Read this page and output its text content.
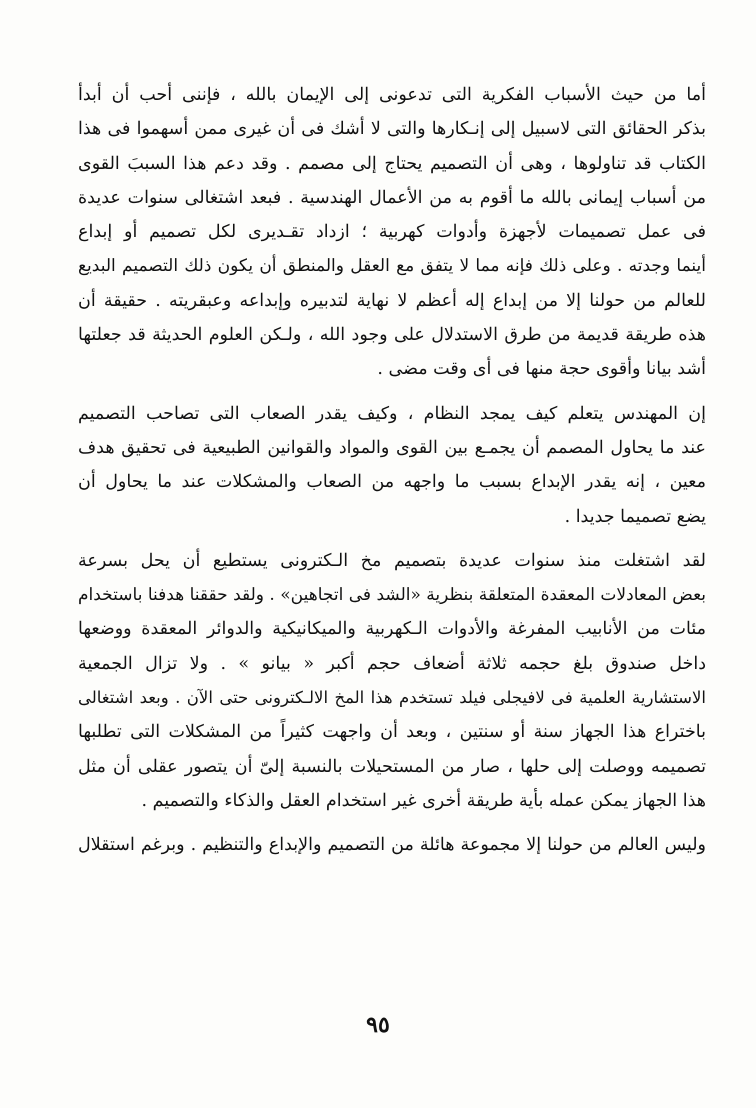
أما من حيث الأسباب الفكرية التى تدعونى إلى الإيمان بالله ، فإننى أحب أن أبدأ
بذكر الحقائق التى لاسبيل إلى إنـكارها والتى لا أشك فى أن غيرى ممن أسهموا فى هذا
الكتاب قد تناولوها ، وهى أن التصميم يحتاج إلى مصمم . وقد دعم هذا السببَ القوى
من أسباب إيمانى بالله ما أقوم به من الأعمال الهندسية . فبعد اشتغالى سنوات عديدة
فى عمل تصميمات لأجهزة وأدوات كهربية ؛ ازداد تقـديرى لكل تصميم أو إبداع
أينما وجدته . وعلى ذلك فإنه مما لا يتفق مع العقل والمنطق أن يكون ذلك التصميم البديع
للعالم من حولنا إلا من إبداع إله أعظم لا نهاية لتدبيره وإبداعه وعبقريته . حقيقة أن
هذه طريقة قديمة من طرق الاستدلال على وجود الله ، ولـكن العلوم الحديثة قد جعلتها
أشد بيانا وأقوى حجة منها فى أى وقت مضى .
إن المهندس يتعلم كيف يمجد النظام ، وكيف يقدر الصعاب التى تصاحب التصميم
عند ما يحاول المصمم أن يجمـع بين القوى والمواد والقوانين الطبيعية فى تحقيق هدف
معين ، إنه يقدر الإبداع بسبب ما واجهه من الصعاب والمشكلات عند ما يحاول أن
يضع تصميما جديدا .
لقد اشتغلت منذ سنوات عديدة بتصميم مخ الـكترونى يستطيع أن يحل بسرعة
بعض المعادلات المعقدة المتعلقة بنظرية «الشد فى اتجاهين» . ولقد حققنا هدفنا باستخدام
مئات من الأنابيب المفرغة والأدوات الـكهربية والميكانيكية والدوائر المعقدة ووضعها
داخل صندوق بلغ حجمه ثلاثة أضعاف حجم أكبر « بيانو » . ولا تزال الجمعية
الاستشارية العلمية فى لافيجلى فيلد تستخدم هذا المخ الالـكترونى حتى الآن . وبعد اشتغالى
باختراع هذا الجهاز سنة أو سنتين ، وبعد أن واجهت كثيراً من المشكلات التى تطلبها
تصميمه ووصلت إلى حلها ، صار من المستحيلات بالنسبة إلىّ أن يتصور عقلى أن مثل
هذا الجهاز يمكن عمله بأية طريقة أخرى غير استخدام العقل والذكاء والتصميم .
وليس العالم من حولنا إلا مجموعة هائلة من التصميم والإبداع والتنظيم . وبرغم استقلال
٩٥
